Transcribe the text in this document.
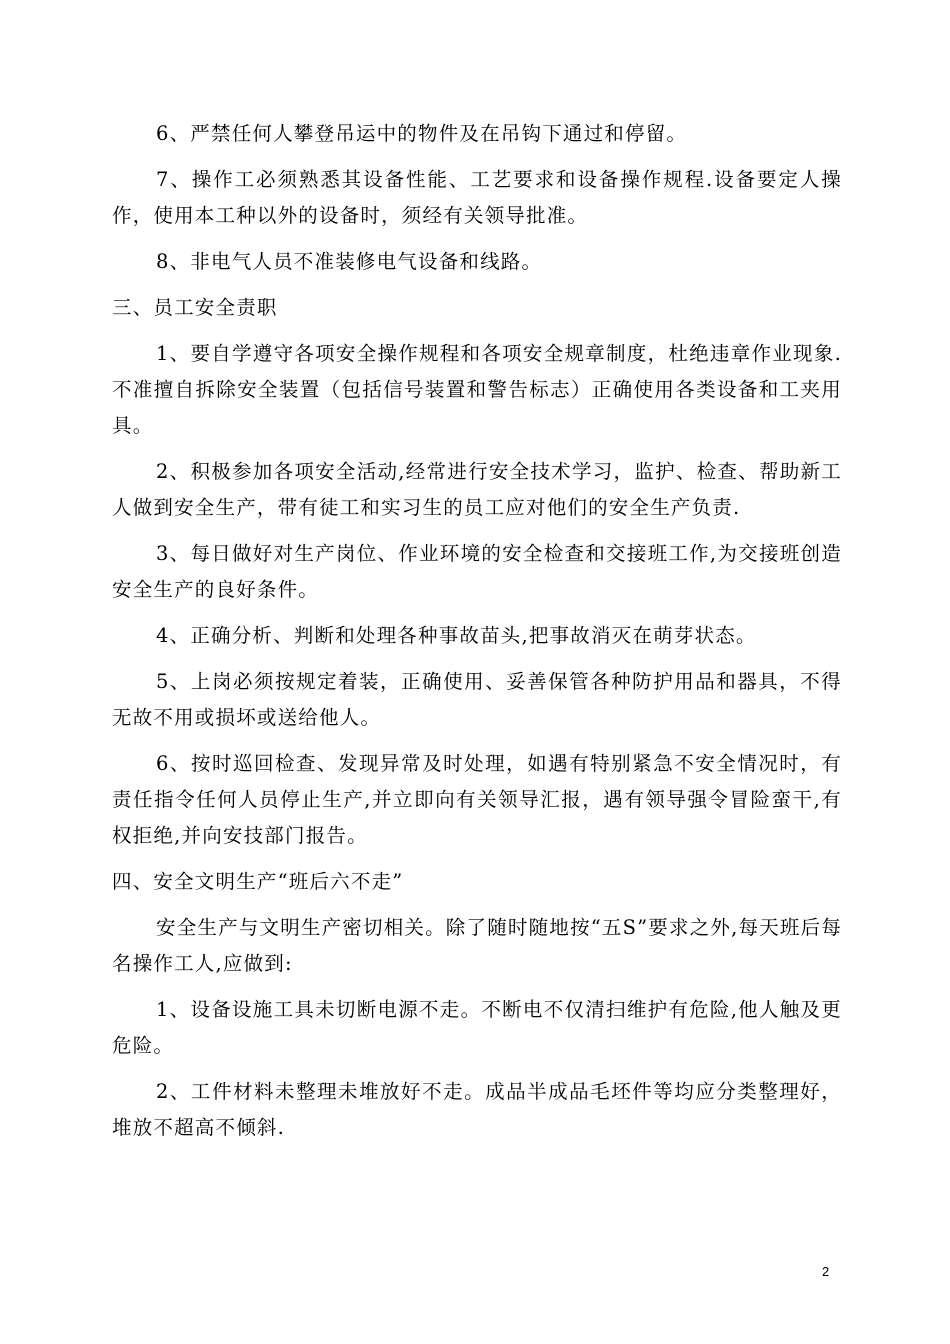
6、严禁任何人攀登吊运中的物件及在吊钩下通过和停留。

7、操作工必须熟悉其设备性能、工艺要求和设备操作规程.设备要定人操作，使用本工种以外的设备时，须经有关领导批准。

8、非电气人员不准装修电气设备和线路。

三、员工安全责职

1、要自学遵守各项安全操作规程和各项安全规章制度，杜绝违章作业现象.不准擅自拆除安全装置（包括信号装置和警告标志）正确使用各类设备和工夹用具。

2、积极参加各项安全活动,经常进行安全技术学习，监护、检查、帮助新工人做到安全生产，带有徒工和实习生的员工应对他们的安全生产负责.

3、每日做好对生产岗位、作业环境的安全检查和交接班工作,为交接班创造安全生产的良好条件。

4、正确分析、判断和处理各种事故苗头,把事故消灭在萌芽状态。

5、上岗必须按规定着装，正确使用、妥善保管各种防护用品和器具，不得无故不用或损坏或送给他人。

6、按时巡回检查、发现异常及时处理，如遇有特别紧急不安全情况时，有责任指令任何人员停止生产,并立即向有关领导汇报，遇有领导强令冒险蛮干,有权拒绝,并向安技部门报告。

四、安全文明生产“班后六不走”

安全生产与文明生产密切相关。除了随时随地按“五S”要求之外,每天班后每名操作工人,应做到:

1、设备设施工具未切断电源不走。不断电不仅清扫维护有危险,他人触及更危险。

2、工件材料未整理未堆放好不走。成品半成品毛坯件等均应分类整理好，堆放不超高不倾斜.

2
